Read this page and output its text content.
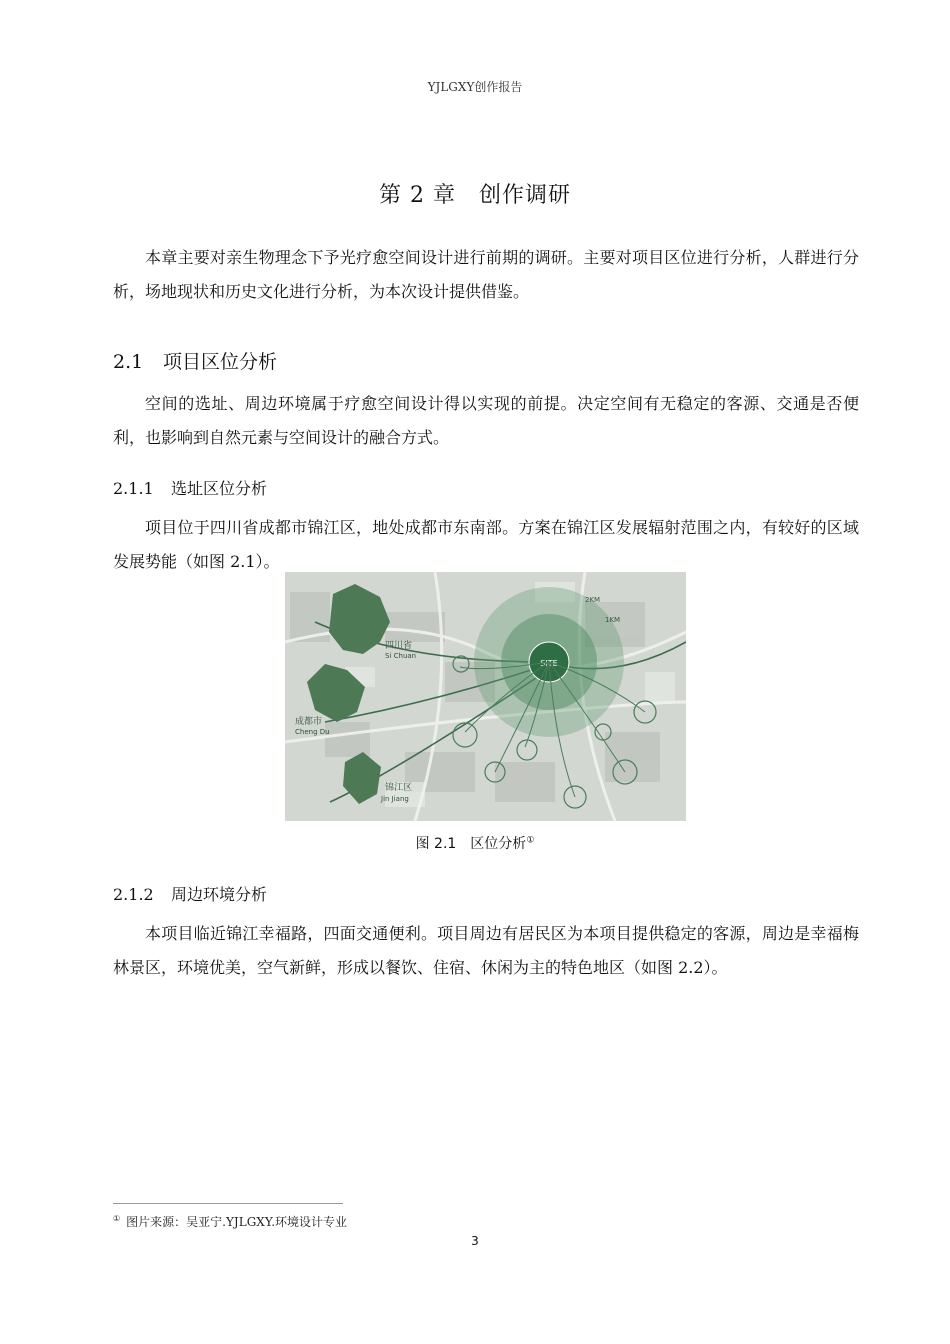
YJLGXY创作报告
第 2 章　创作调研
本章主要对亲生物理念下予光疗愈空间设计进行前期的调研。主要对项目区位进行分析，人群进行分析，场地现状和历史文化进行分析，为本次设计提供借鉴。
2.1 项目区位分析
空间的选址、周边环境属于疗愈空间设计得以实现的前提。决定空间有无稳定的客源、交通是否便利，也影响到自然元素与空间设计的融合方式。
2.1.1 选址区位分析
项目位于四川省成都市锦江区，地处成都市东南部。方案在锦江区发展辐射范围之内，有较好的区域发展势能（如图 2.1）。
SITE
1KM
2KM
四川省
Si Chuan
成都市
Cheng Du
锦江区
Jin Jiang
图 2.1　区位分析①
2.1.2 周边环境分析
本项目临近锦江幸福路，四面交通便利。项目周边有居民区为本项目提供稳定的客源，周边是幸福梅林景区，环境优美，空气新鲜，形成以餐饮、住宿、休闲为主的特色地区（如图 2.2）。
① 图片来源：吴亚宁.YJLGXY.环境设计专业
3
